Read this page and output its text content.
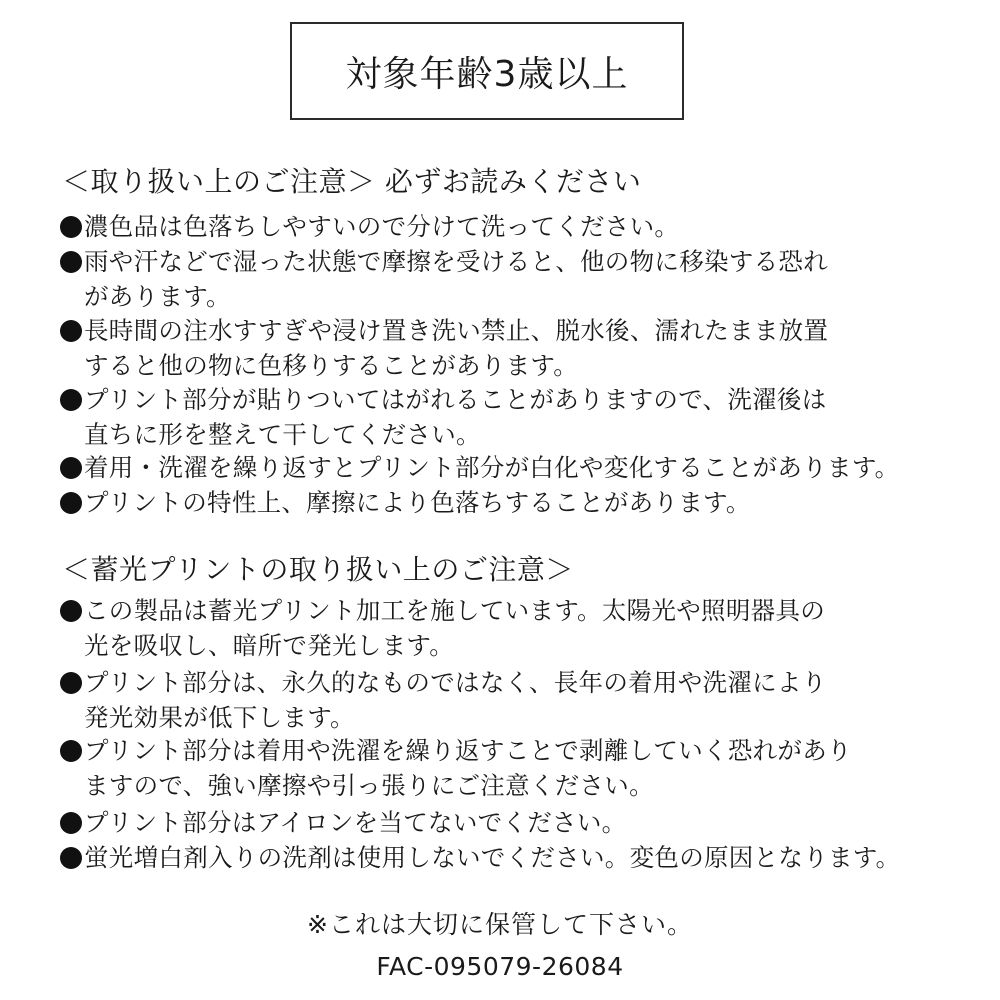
対象年齢3歳以上
＜取り扱い上のご注意＞ 必ずお読みください
濃色品は色落ちしやすいので分けて洗ってください。
雨や汗などで湿った状態で摩擦を受けると、他の物に移染する恐れ
があります。
長時間の注水すすぎや浸け置き洗い禁止、脱水後、濡れたまま放置
すると他の物に色移りすることがあります。
プリント部分が貼りついてはがれることがありますので、洗濯後は
直ちに形を整えて干してください。
着用・洗濯を繰り返すとプリント部分が白化や変化することがあります。
プリントの特性上、摩擦により色落ちすることがあります。
＜蓄光プリントの取り扱い上のご注意＞
この製品は蓄光プリント加工を施しています。太陽光や照明器具の
光を吸収し、暗所で発光します。
プリント部分は、永久的なものではなく、長年の着用や洗濯により
発光効果が低下します。
プリント部分は着用や洗濯を繰り返すことで剥離していく恐れがあり
ますので、強い摩擦や引っ張りにご注意ください。
プリント部分はアイロンを当てないでください。
蛍光増白剤入りの洗剤は使用しないでください。変色の原因となります。
※これは大切に保管して下さい。
FAC-095079-26084
